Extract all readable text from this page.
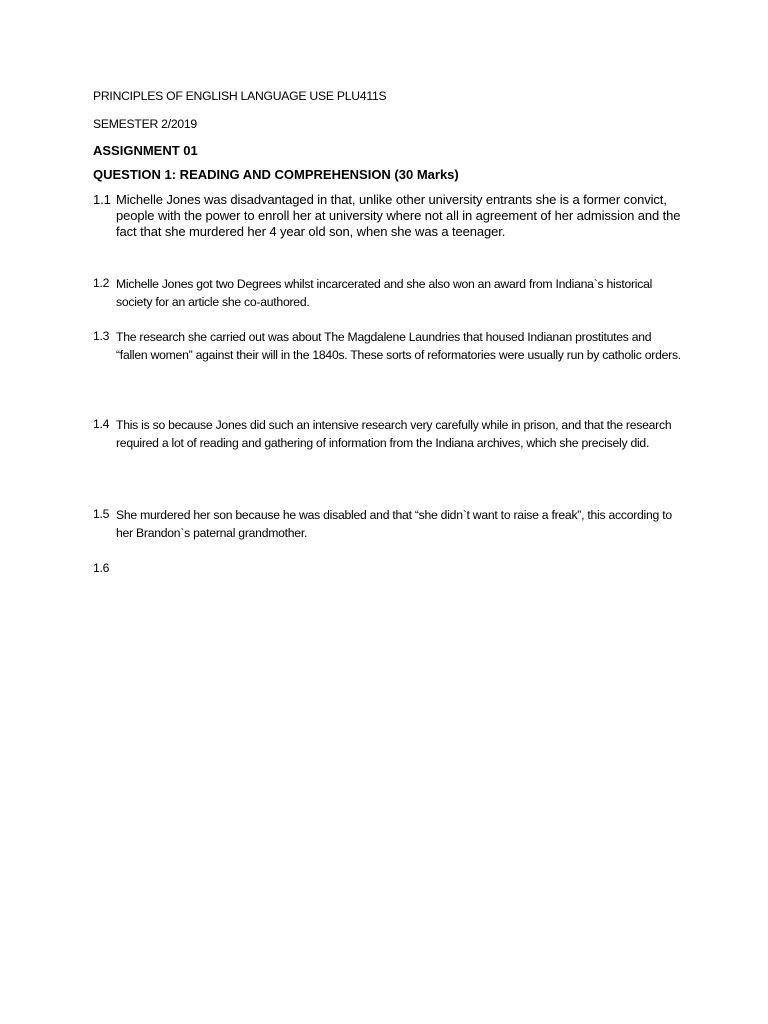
PRINCIPLES OF ENGLISH LANGUAGE USE PLU411S
SEMESTER 2/2019
ASSIGNMENT 01
QUESTION 1: READING AND COMPREHENSION (30 Marks)
1.1 Michelle Jones was disadvantaged in that, unlike other university entrants she is a former convict, people with the power to enroll her at university where not all in agreement of her admission and the fact that she murdered her 4 year old son, when she was a teenager.
1.2 Michelle Jones got two Degrees whilst incarcerated and she also won an award from Indiana`s historical society for an article she co-authored.
1.3 The research she carried out was about The Magdalene Laundries that housed Indianan prostitutes and “fallen women” against their will in the 1840s. These sorts of reformatories were usually run by catholic orders.
1.4 This is so because Jones did such an intensive research very carefully while in prison, and that the research required a lot of reading and gathering of information from the Indiana archives, which she precisely did.
1.5 She murdered her son because he was disabled and that “she didn`t want to raise a freak”, this according to her Brandon`s paternal grandmother.
1.6
